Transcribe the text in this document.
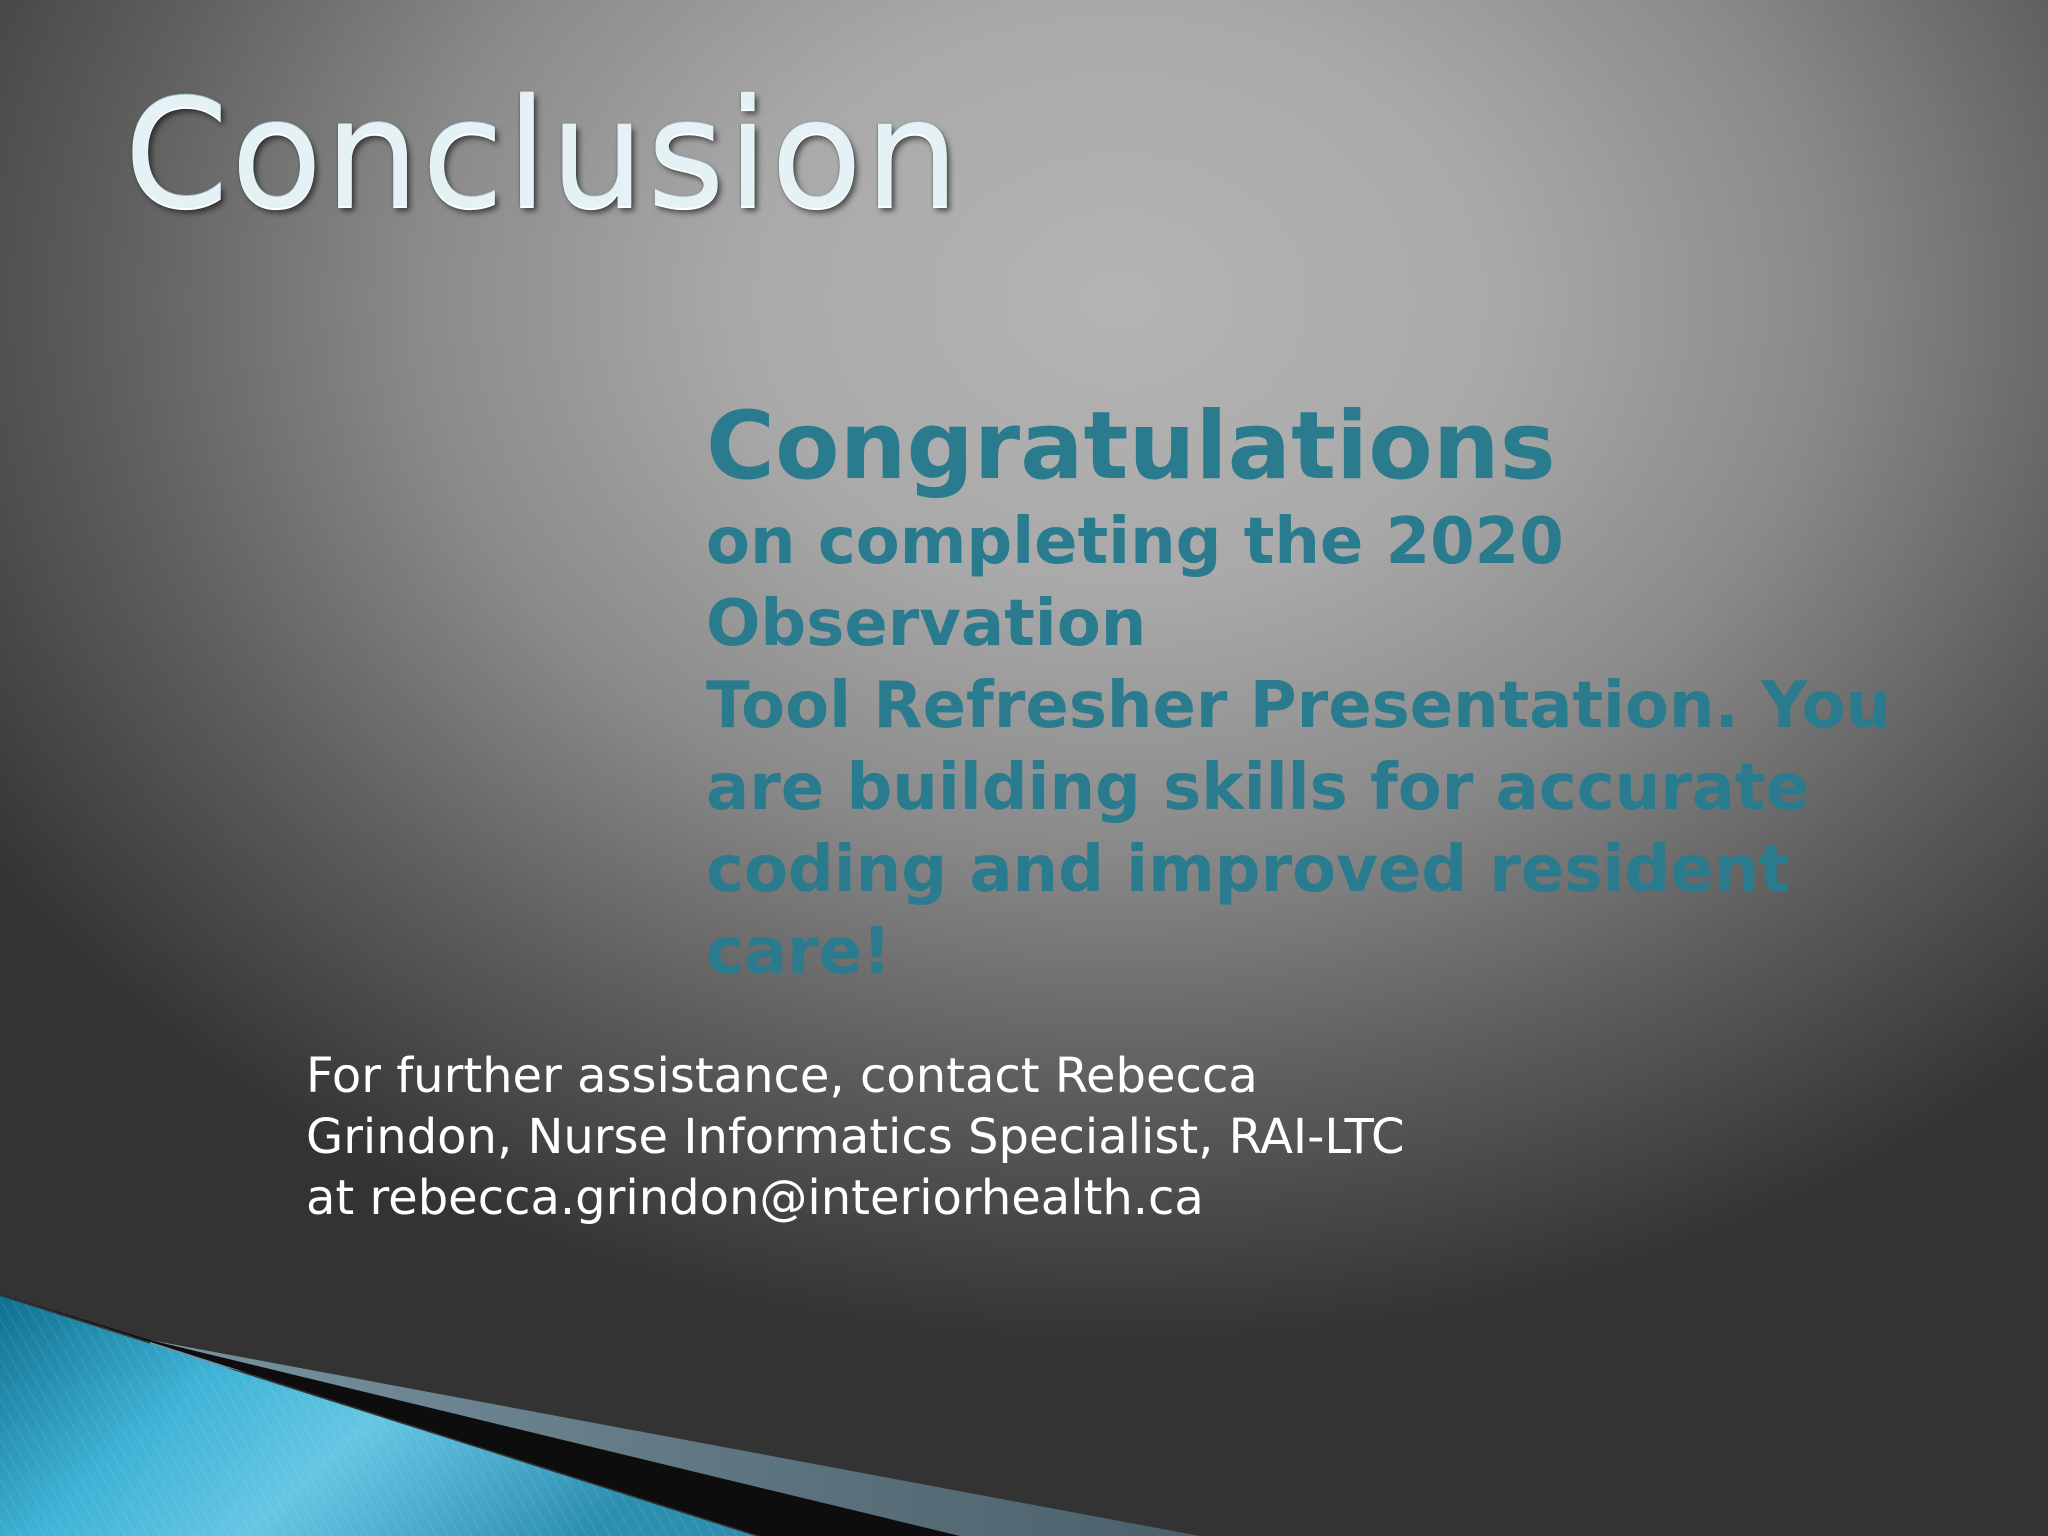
Conclusion

Congratulations

on completing the 2020 Observation
Tool Refresher Presentation. You
are building skills for accurate
coding and improved resident care!

For further assistance, contact Rebecca
Grindon, Nurse Informatics Specialist, RAI-LTC
at rebecca.grindon@interiorhealth.ca
